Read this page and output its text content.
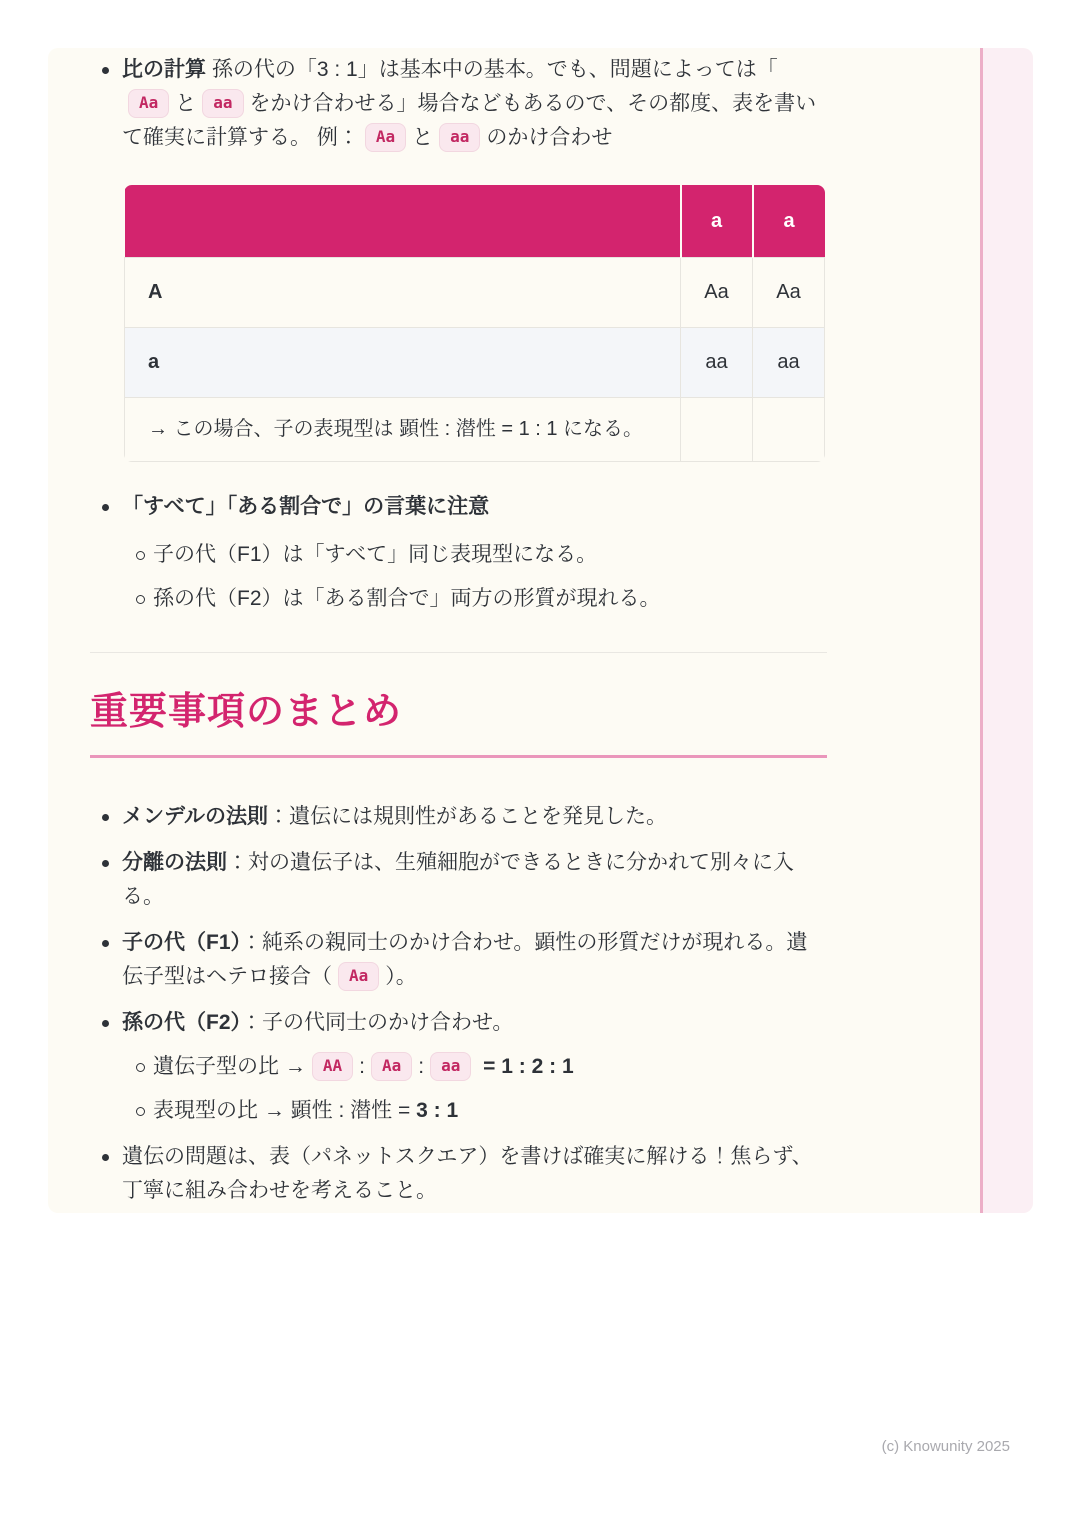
比の計算 孫の代の「3 : 1」は基本中の基本。でも、問題によっては「Aa と aa をかけ合わせる」場合などもあるので、その都度、表を書いて確実に計算する。 例： Aa と aa のかけ合わせ
	a	a
A	Aa	Aa
a	aa	aa
→ この場合、子の表現型は 顕性 : 潜性 = 1 : 1 になる。		
「すべて」「ある割合で」の言葉に注意
子の代（F1）は「すべて」同じ表現型になる。
孫の代（F2）は「ある割合で」両方の形質が現れる。
重要事項のまとめ
メンデルの法則：遺伝には規則性があることを発見した。
分離の法則：対の遺伝子は、生殖細胞ができるときに分かれて別々に入る。
子の代（F1）：純系の親同士のかけ合わせ。顕性の形質だけが現れる。遺伝子型はヘテロ接合（ Aa ）。
孫の代（F2）：子の代同士のかけ合わせ。
遺伝子型の比 → AA : Aa : aa = 1 : 2 : 1
表現型の比 → 顕性 : 潜性 = 3 : 1
遺伝の問題は、表（パネットスクエア）を書けば確実に解ける！焦らず、丁寧に組み合わせを考えること。
(c) Knowunity 2025
